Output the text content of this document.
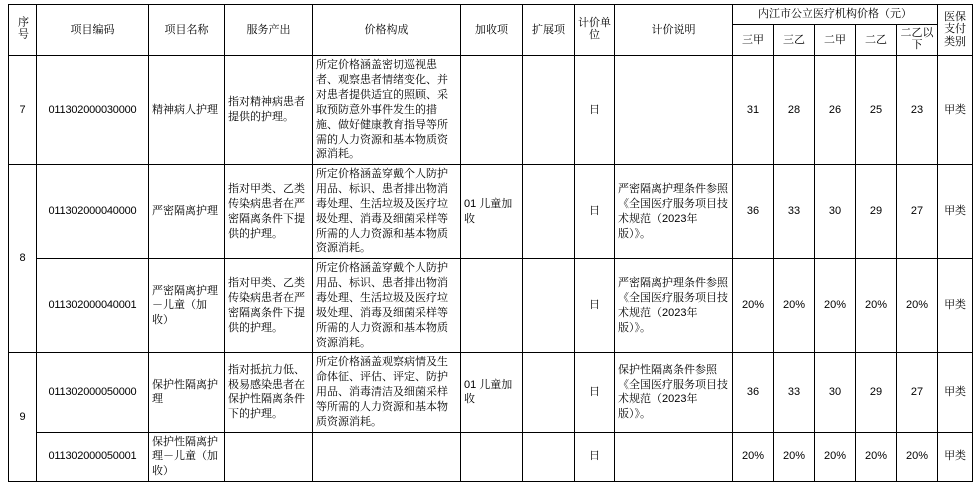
序号	项目编码	项目名称	服务产出	价格构成	加收项	扩展项	计价单位	计价说明	内江市公立医疗机构价格（元）					医保支付类别
									三甲	三乙	二甲	二乙	二乙以下	
7	011302000030000	精神病人护理	指对精神病患者提供的护理。	所定价格涵盖密切巡视患者、观察患者情绪变化、并对患者提供适宜的照顾、采取预防意外事件发生的措施、做好健康教育指导等所需的人力资源和基本物质资源消耗。			日		31	28	26	25	23	甲类
8	011302000040000	严密隔离护理	指对甲类、乙类传染病患者在严密隔离条件下提供的护理。	所定价格涵盖穿戴个人防护用品、标识、患者排出物消毒处理、生活垃圾及医疗垃圾处理、消毒及细菌采样等所需的人力资源和基本物质资源消耗。	01 儿童加收		日	严密隔离护理条件参照《全国医疗服务项目技术规范（2023年版）》。	36	33	30	29	27	甲类
	011302000040001	严密隔离护理－儿童（加收）	指对甲类、乙类传染病患者在严密隔离条件下提供的护理。	所定价格涵盖穿戴个人防护用品、标识、患者排出物消毒处理、生活垃圾及医疗垃圾处理、消毒及细菌采样等所需的人力资源和基本物质资源消耗。			日	严密隔离护理条件参照《全国医疗服务项目技术规范（2023年版）》。	20%	20%	20%	20%	20%	甲类
9	011302000050000	保护性隔离护理	指对抵抗力低、极易感染患者在保护性隔离条件下的护理。	所定价格涵盖观察病情及生命体征、评估、评定、防护用品、消毒清洁及细菌采样等所需的人力资源和基本物质资源消耗。	01 儿童加收		日	保护性隔离条件参照《全国医疗服务项目技术规范（2023年版）》。	36	33	30	29	27	甲类
	011302000050001	保护性隔离护理－儿童（加收）					日		20%	20%	20%	20%	20%	甲类
